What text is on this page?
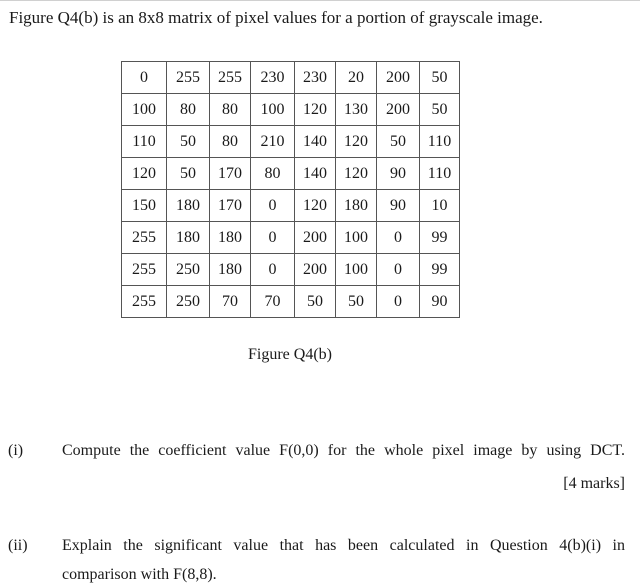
Figure Q4(b) is an 8x8 matrix of pixel values for a portion of grayscale image.
0	255	255	230	230	20	200	50
100	80	80	100	120	130	200	50
110	50	80	210	140	120	50	110
120	50	170	80	140	120	90	110
150	180	170	0	120	180	90	10
255	180	180	0	200	100	0	99
255	250	180	0	200	100	0	99
255	250	70	70	50	50	0	90
Figure Q4(b)
(i) Compute the coefficient value F(0,0) for the whole pixel image by using DCT.
[4 marks]
(ii) Explain the significant value that has been calculated in Question 4(b)(i) in
comparison with F(8,8).
